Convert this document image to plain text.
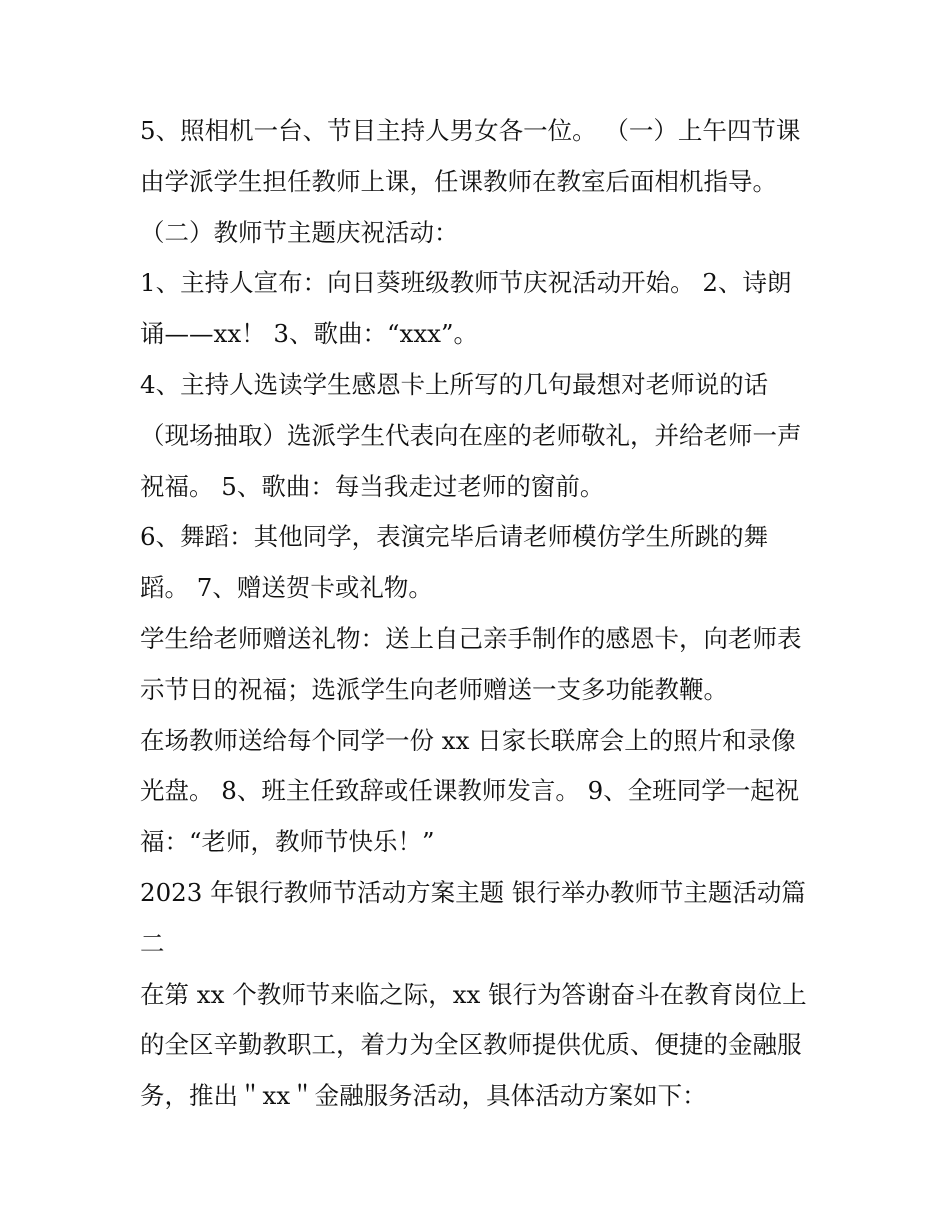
5、照相机一台、节目主持人男女各一位。 （一）上午四节课
由学派学生担任教师上课，任课教师在教室后面相机指导。
（二）教师节主题庆祝活动：
1、主持人宣布：向日葵班级教师节庆祝活动开始。 2、诗朗
诵——xx！ 3、歌曲：“xxx”。
4、主持人选读学生感恩卡上所写的几句最想对老师说的话
（现场抽取）选派学生代表向在座的老师敬礼，并给老师一声
祝福。 5、歌曲：每当我走过老师的窗前。
6、舞蹈：其他同学，表演完毕后请老师模仿学生所跳的舞
蹈。 7、赠送贺卡或礼物。
学生给老师赠送礼物：送上自己亲手制作的感恩卡，向老师表
示节日的祝福；选派学生向老师赠送一支多功能教鞭。
在场教师送给每个同学一份 xx 日家长联席会上的照片和录像
光盘。 8、班主任致辞或任课教师发言。 9、全班同学一起祝
福：“老师，教师节快乐！”
2023 年银行教师节活动方案主题 银行举办教师节主题活动篇
二
在第 xx 个教师节来临之际，xx 银行为答谢奋斗在教育岗位上
的全区辛勤教职工，着力为全区教师提供优质、便捷的金融服
务，推出＂xx＂金融服务活动，具体活动方案如下：
